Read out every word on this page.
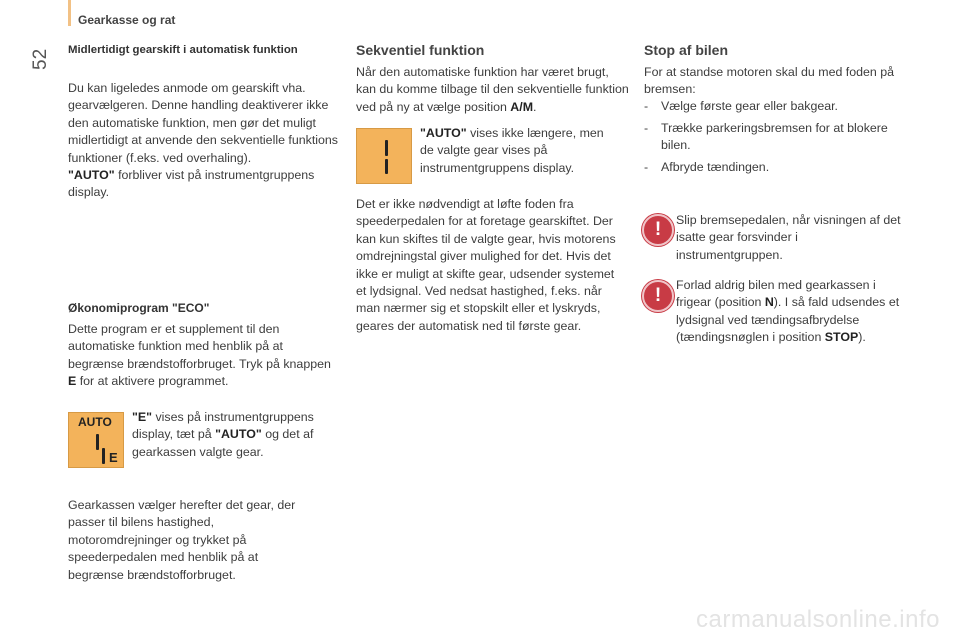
52
Gearkasse og rat
Midlertidigt gearskift i automatisk funktion

Du kan ligeledes anmode om gearskift vha. gearvælgeren. Denne handling deaktiverer ikke den automatiske funktion, men gør det muligt midlertidigt at anvende den sekventielle funktions funktioner (f.eks. ved overhaling).
"AUTO" forbliver vist på instrumentgruppens display.

Økonomiprogram "ECO"

Dette program er et supplement til den automatiske funktion med henblik på at begrænse brændstofforbruget. Tryk på knappen E for at aktivere programmet.

AUTO
E

"E" vises på instrumentgruppens display, tæt på "AUTO" og det af gearkassen valgte gear.

Gearkassen vælger herefter det gear, der passer til bilens hastighed, motoromdrejninger og trykket på speederpedalen med henblik på at begrænse brændstofforbruget.

Sekventiel funktion

Når den automatiske funktion har været brugt, kan du komme tilbage til den sekventielle funktion ved på ny at vælge position A/M.

"AUTO" vises ikke længere, men de valgte gear vises på instrumentgruppens display.

Det er ikke nødvendigt at løfte foden fra speederpedalen for at foretage gearskiftet. Der kan kun skiftes til de valgte gear, hvis motorens omdrejningstal giver mulighed for det. Hvis det ikke er muligt at skifte gear, udsender systemet et lydsignal. Ved nedsat hastighed, f.eks. når man nærmer sig et stopskilt eller et lyskryds, geares der automatisk ned til første gear.

Stop af bilen

For at standse motoren skal du med foden på bremsen:

- Vælge første gear eller bakgear.
- Trække parkeringsbremsen for at blokere bilen.
- Afbryde tændingen.
!	Slip bremsepedalen, når visningen af det isatte gear forsvinder i instrumentgruppen.

!	Forlad aldrig bilen med gearkassen i frigear (position N). I så fald udsendes et lydsignal ved tændingsafbrydelse (tændingsnøglen i position STOP).

carmanualsonline.info
